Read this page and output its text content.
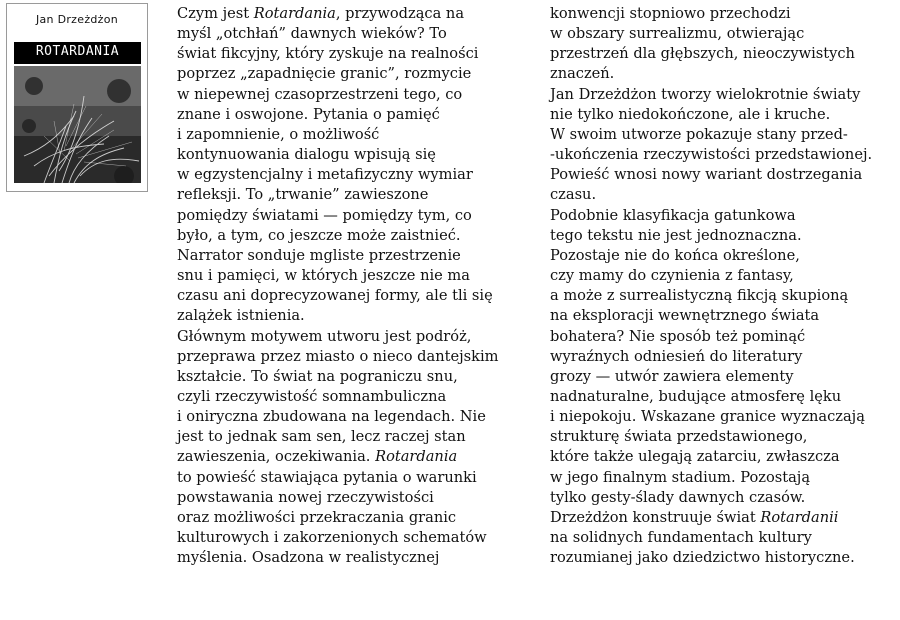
Jan Drzeżdżon
ROTARDANIA
Czym jest Rotardania, przywodząca na
myśl „otchłań” dawnych wieków? To
świat fikcyjny, który zyskuje na realności
poprzez „zapadnięcie granic”, rozmycie
w niepewnej czasoprzestrzeni tego, co
znane i oswojone. Pytania o pamięć
i zapomnienie, o możliwość
kontynuowania dialogu wpisują się
w egzystencjalny i metafizyczny wymiar
refleksji. To „trwanie” zawieszone
pomiędzy światami — pomiędzy tym, co
było, a tym, co jeszcze może zaistnieć.
Narrator sonduje mgliste przestrzenie
snu i pamięci, w których jeszcze nie ma
czasu ani doprecyzowanej formy, ale tli się
zalążek istnienia.
Głównym motywem utworu jest podróż,
przeprawa przez miasto o nieco dantejskim
kształcie. To świat na pograniczu snu,
czyli rzeczywistość somnambuliczna
i oniryczna zbudowana na legendach. Nie
jest to jednak sam sen, lecz raczej stan
zawieszenia, oczekiwania. Rotardania
to powieść stawiająca pytania o warunki
powstawania nowej rzeczywistości
oraz możliwości przekraczania granic
kulturowych i zakorzenionych schematów
myślenia. Osadzona w realistycznej
konwencji stopniowo przechodzi
w obszary surrealizmu, otwierając
przestrzeń dla głębszych, nieoczywistych
znaczeń.
Jan Drzeżdżon tworzy wielokrotnie światy
nie tylko niedokończone, ale i kruche.
W swoim utworze pokazuje stany przed-
-ukończenia rzeczywistości przedstawionej.
Powieść wnosi nowy wariant dostrzegania
czasu.
Podobnie klasyfikacja gatunkowa
tego tekstu nie jest jednoznaczna.
Pozostaje nie do końca określone,
czy mamy do czynienia z fantasy,
a może z surrealistyczną fikcją skupioną
na eksploracji wewnętrznego świata
bohatera? Nie sposób też pominąć
wyraźnych odniesień do literatury
grozy — utwór zawiera elementy
nadnaturalne, budujące atmosferę lęku
i niepokoju. Wskazane granice wyznaczają
strukturę świata przedstawionego,
które także ulegają zatarciu, zwłaszcza
w jego finalnym stadium. Pozostają
tylko gesty-ślady dawnych czasów.
Drzeżdżon konstruuje świat Rotardanii
na solidnych fundamentach kultury
rozumianej jako dziedzictwo historyczne.
